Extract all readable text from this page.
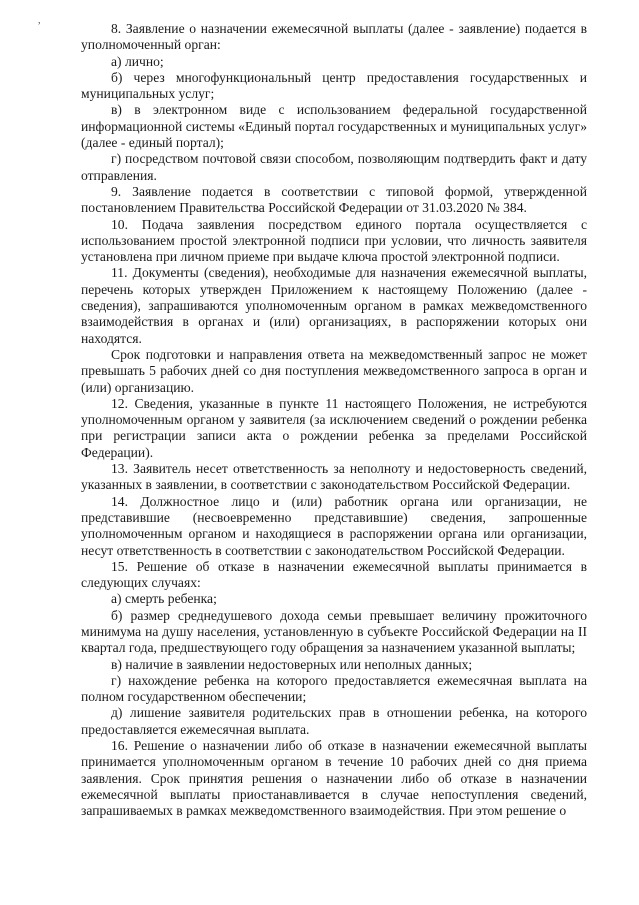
,

8. Заявление о назначении ежемесячной выплаты (далее - заявление) подается в уполномоченный орган:

а) лично;

б) через многофункциональный центр предоставления государственных и муниципальных услуг;

в) в электронном виде с использованием федеральной государственной информационной системы «Единый портал государственных и муниципальных услуг» (далее - единый портал);

г) посредством почтовой связи способом, позволяющим подтвердить факт и дату отправления.

9. Заявление подается в соответствии с типовой формой, утвержденной постановлением Правительства Российской Федерации от 31.03.2020 № 384.

10. Подача заявления посредством единого портала осуществляется с использованием простой электронной подписи при условии, что личность заявителя установлена при личном приеме при выдаче ключа простой электронной подписи.

11. Документы (сведения), необходимые для назначения ежемесячной выплаты, перечень которых утвержден Приложением к настоящему Положению (далее - сведения), запрашиваются уполномоченным органом в рамках межведомственного взаимодействия в органах и (или) организациях, в распоряжении которых они находятся.

Срок подготовки и направления ответа на межведомственный запрос не может превышать 5 рабочих дней со дня поступления межведомственного запроса в орган и (или) организацию.

12. Сведения, указанные в пункте 11 настоящего Положения, не истребуются уполномоченным органом у заявителя (за исключением сведений о рождении ребенка при регистрации записи акта о рождении ребенка за пределами Российской Федерации).

13. Заявитель несет ответственность за неполноту и недостоверность сведений, указанных в заявлении, в соответствии с законодательством Российской Федерации.

14. Должностное лицо и (или) работник органа или организации, не представившие (несвоевременно представившие) сведения, запрошенные уполномоченным органом и находящиеся в распоряжении органа или организации, несут ответственность в соответствии с законодательством Российской Федерации.

15. Решение об отказе в назначении ежемесячной выплаты принимается в следующих случаях:

а) смерть ребенка;

б) размер среднедушевого дохода семьи превышает величину прожиточного минимума на душу населения, установленную в субъекте Российской Федерации на II квартал года, предшествующего году обращения за назначением указанной выплаты;

в) наличие в заявлении недостоверных или неполных данных;

г) нахождение ребенка на которого предоставляется ежемесячная выплата на полном государственном обеспечении;

д) лишение заявителя родительских прав в отношении ребенка, на которого предоставляется ежемесячная выплата.

16. Решение о назначении либо об отказе в назначении ежемесячной выплаты принимается уполномоченным органом в течение 10 рабочих дней со дня приема заявления. Срок принятия решения о назначении либо об отказе в назначении ежемесячной выплаты приостанавливается в случае непоступления сведений, запрашиваемых в рамках межведомственного взаимодействия. При этом решение о
